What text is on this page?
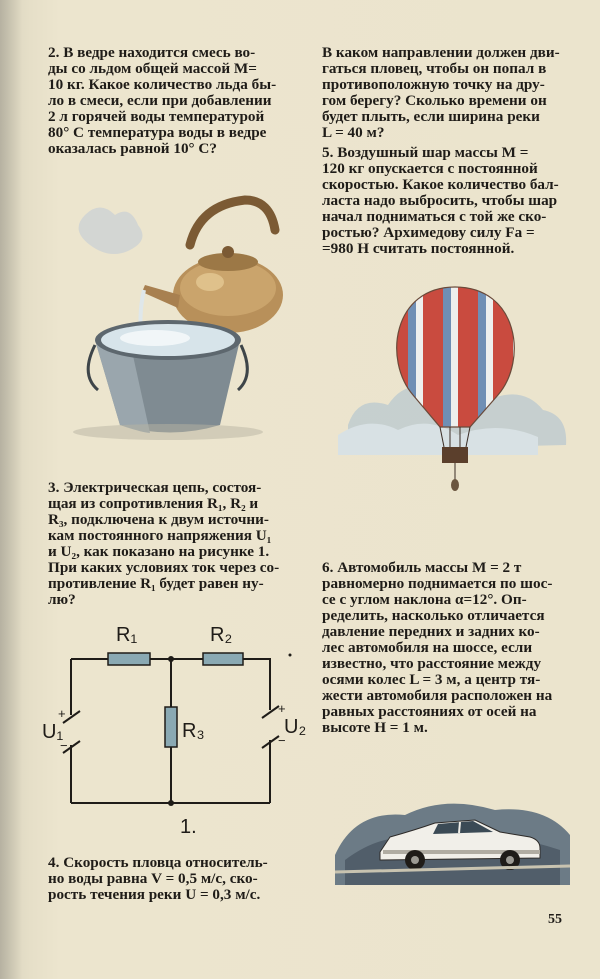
2. В ведре находится смесь во-
ды со льдом общей массой M=
10 кг. Какое количество льда бы-
ло в смеси, если при добавлении
2 л горячей воды температурой
80° C температура воды в ведре
оказалась равной 10° C?
3. Электрическая цепь, состоя-
щая из сопротивления R₁, R₂ и
R₃, подключена к двум источни-
кам постоянного напряжения U₁
и U₂, как показано на рисунке 1.
При каких условиях ток через со-
противление R₁ будет равен ну-
лю?
R₁	R₂
R₃
U₁	U₂
+
−
+
−
1.
4. Скорость пловца относитель-
но воды равна V = 0,5 м/с, ско-
рость течения реки U = 0,3 м/с.
В каком направлении должен дви-
гаться пловец, чтобы он попал в
противоположную точку на дру-
гом берегу? Сколько времени он
будет плыть, если ширина реки
L = 40 м?
5. Воздушный шар массы M =
120 кг опускается с постоянной
скоростью. Какое количество бал-
ласта надо выбросить, чтобы шар
начал подниматься с той же ско-
ростью? Архимедову силу Fа =
=980 Н считать постоянной.
6. Автомобиль массы M = 2 т
равномерно поднимается по шос-
се с углом наклона α=12°. Оп-
ределить, насколько отличается
давление передних и задних ко-
лес автомобиля на шоссе, если
известно, что расстояние между
осями колес L = 3 м, а центр тя-
жести автомобиля расположен на
равных расстояниях от осей на
высоте H = 1 м.
55
